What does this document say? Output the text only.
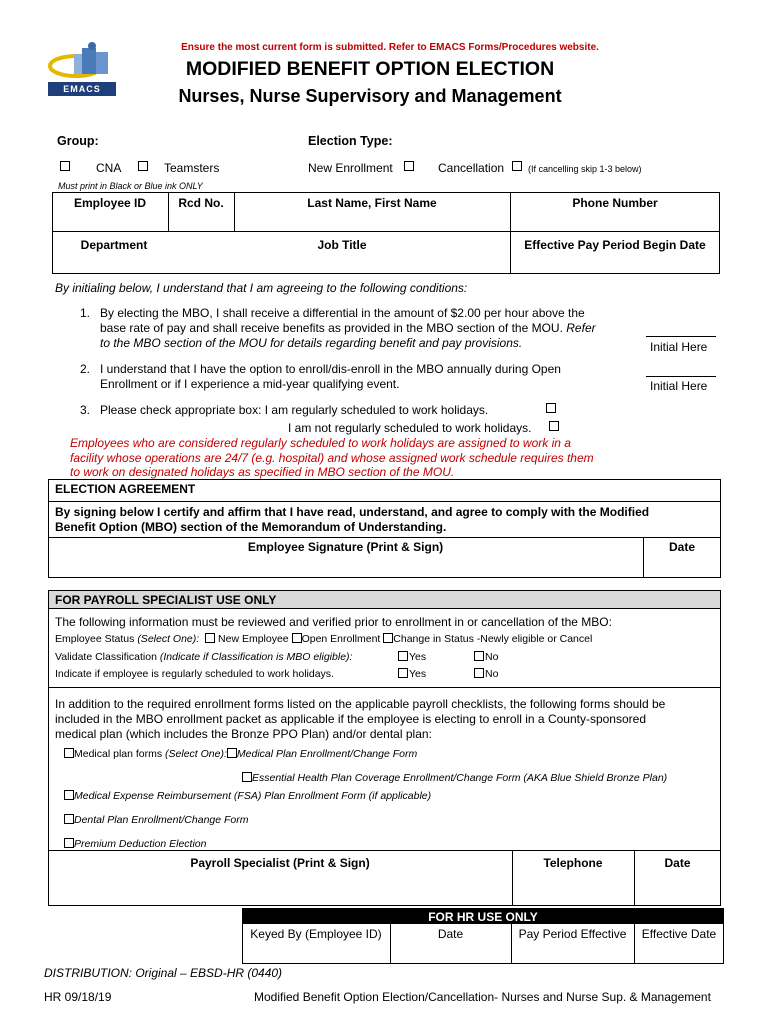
EMACS
Ensure the most current form is submitted. Refer to EMACS Forms/Procedures website.
MODIFIED BENEFIT OPTION ELECTION
Nurses, Nurse Supervisory and Management
Group:	Election Type:
CNA	Teamsters	New Enrollment	Cancellation	(If cancelling skip 1-3 below)
Must print in Black or Blue ink ONLY
Employee ID	Rcd No.	Last Name, First Name	Phone Number
Department	Job Title	Effective Pay Period Begin Date
By initialing below, I understand that I am agreeing to the following conditions:
1. By electing the MBO, I shall receive a differential in the amount of $2.00 per hour above the
base rate of pay and shall receive benefits as provided in the MBO section of the MOU. Refer
to the MBO section of the MOU for details regarding benefit and pay provisions.	Initial Here
2. I understand that I have the option to enroll/dis-enroll in the MBO annually during Open
Enrollment or if I experience a mid-year qualifying event.	Initial Here
3. Please check appropriate box: I am regularly scheduled to work holidays.
I am not regularly scheduled to work holidays.
Employees who are considered regularly scheduled to work holidays are assigned to work in a
facility whose operations are 24/7 (e.g. hospital) and whose assigned work schedule requires them
to work on designated holidays as specified in MBO section of the MOU.
ELECTION AGREEMENT
By signing below I certify and affirm that I have read, understand, and agree to comply with the Modified
Benefit Option (MBO) section of the Memorandum of Understanding.
Employee Signature (Print & Sign)	Date
FOR PAYROLL SPECIALIST USE ONLY
The following information must be reviewed and verified prior to enrollment in or cancellation of the MBO:
Employee Status (Select One): New Employee Open Enrollment Change in Status -Newly eligible or Cancel
Validate Classification (Indicate if Classification is MBO eligible):	Yes	No
Indicate if employee is regularly scheduled to work holidays.	Yes	No
In addition to the required enrollment forms listed on the applicable payroll checklists, the following forms should be
included in the MBO enrollment packet as applicable if the employee is electing to enroll in a County-sponsored
medical plan (which includes the Bronze PPO Plan) and/or dental plan:
Medical plan forms (Select One): Medical Plan Enrollment/Change Form
Essential Health Plan Coverage Enrollment/Change Form (AKA Blue Shield Bronze Plan)
Medical Expense Reimbursement (FSA) Plan Enrollment Form (if applicable)
Dental Plan Enrollment/Change Form
Premium Deduction Election
Payroll Specialist (Print & Sign)	Telephone	Date
FOR HR USE ONLY
Keyed By (Employee ID)	Date	Pay Period Effective	Effective Date
DISTRIBUTION: Original – EBSD-HR (0440)
HR 09/18/19	Modified Benefit Option Election/Cancellation- Nurses and Nurse Sup. & Management
